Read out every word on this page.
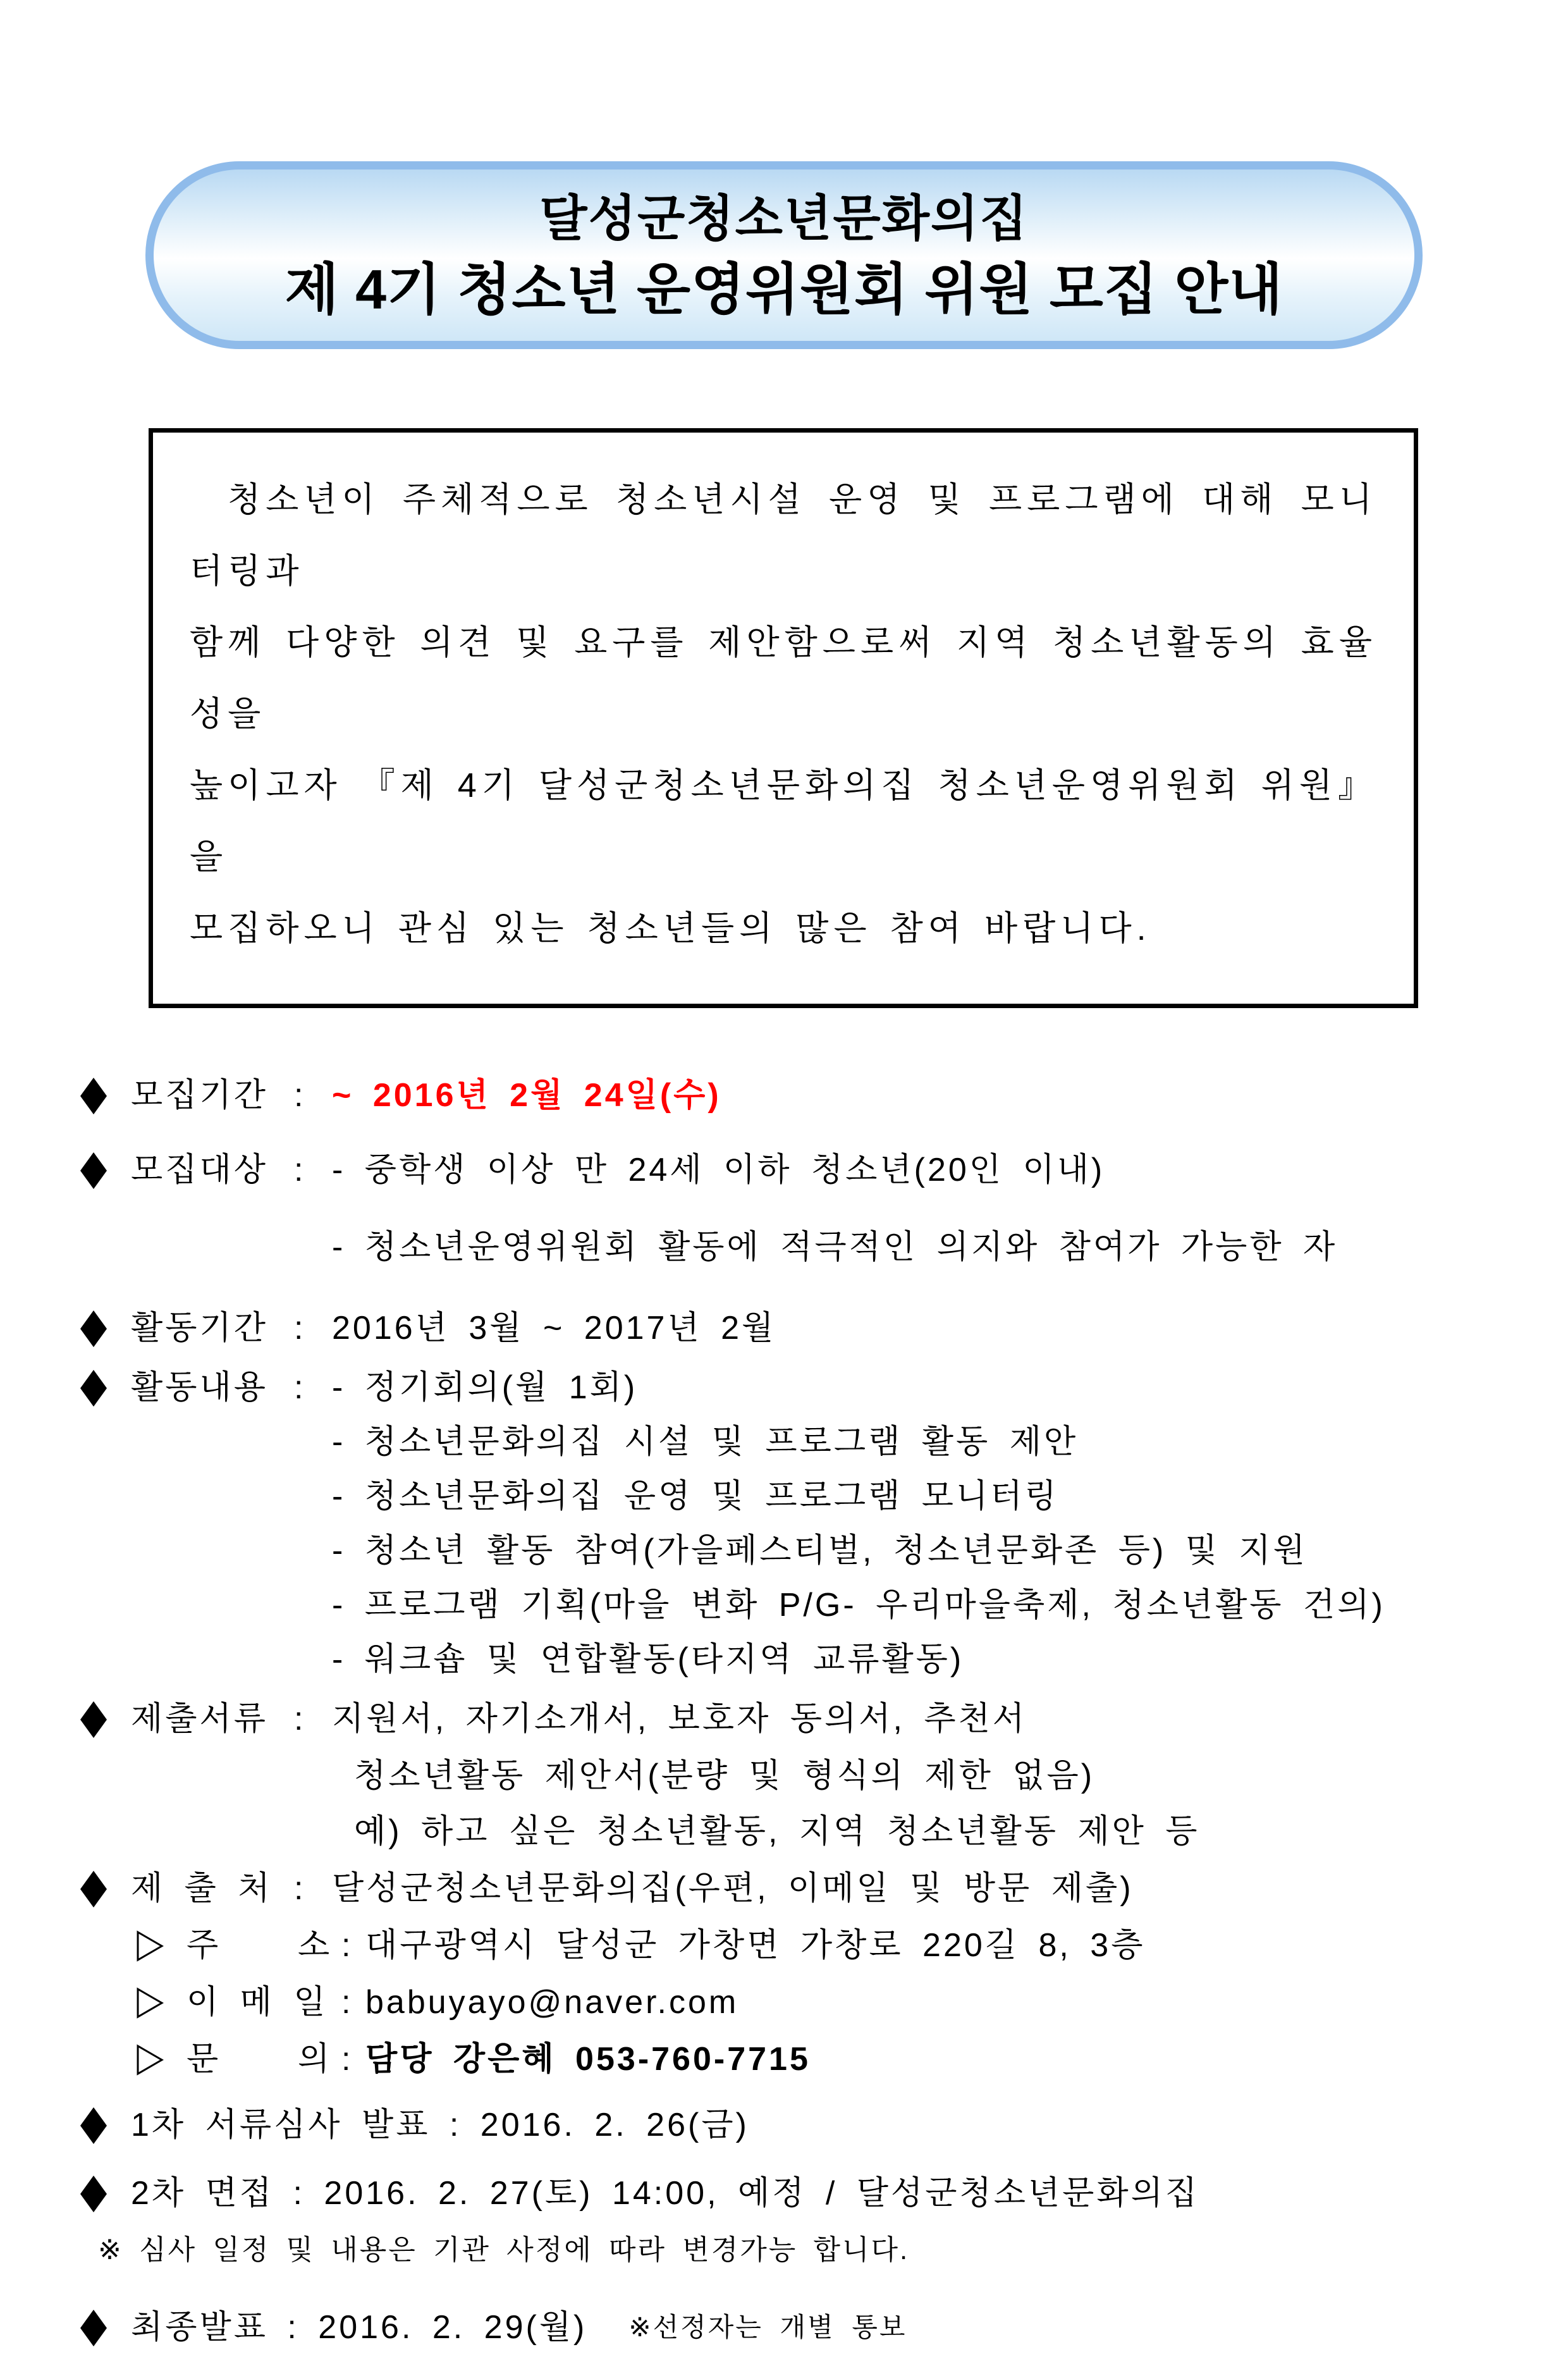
달성군청소년문화의집
제 4기 청소년 운영위원회 위원 모집 안내
청소년이 주체적으로 청소년시설 운영 및 프로그램에 대해 모니터링과
함께 다양한 의견 및 요구를 제안함으로써 지역 청소년활동의 효율성을
높이고자 『제 4기 달성군청소년문화의집 청소년운영위원회 위원』을
모집하오니 관심 있는 청소년들의 많은 참여 바랍니다.
모집기간 : ~ 2016년 2월 24일(수)
모집대상 : - 중학생 이상 만 24세 이하 청소년(20인 이내)
- 청소년운영위원회 활동에 적극적인 의지와 참여가 가능한 자
활동기간 : 2016년 3월 ~ 2017년 2월
활동내용 : - 정기회의(월 1회)
- 청소년문화의집 시설 및 프로그램 활동 제안
- 청소년문화의집 운영 및 프로그램 모니터링
- 청소년 활동 참여(가을페스티벌, 청소년문화존 등) 및 지원
- 프로그램 기획(마을 변화 P/G- 우리마을축제, 청소년활동 건의)
- 워크숍 및 연합활동(타지역 교류활동)
제출서류 : 지원서, 자기소개서, 보호자 동의서, 추천서
청소년활동 제안서(분량 및 형식의 제한 없음)
예) 하고 싶은 청소년활동, 지역 청소년활동 제안 등
제 출 처 : 달성군청소년문화의집(우편, 이메일 및 방문 제출)
주    소 : 대구광역시 달성군 가창면 가창로 220길 8, 3층
이 메 일 : babuyayo@naver.com
문    의 : 담당 강은혜 053-760-7715
1차 서류심사 발표 : 2016. 2. 26(금)
2차 면접 : 2016. 2. 27(토) 14:00, 예정 / 달성군청소년문화의집
※ 심사 일정 및 내용은 기관 사정에 따라 변경가능 합니다.
최종발표 : 2016. 2. 29(월) ※선정자는 개별 통보
